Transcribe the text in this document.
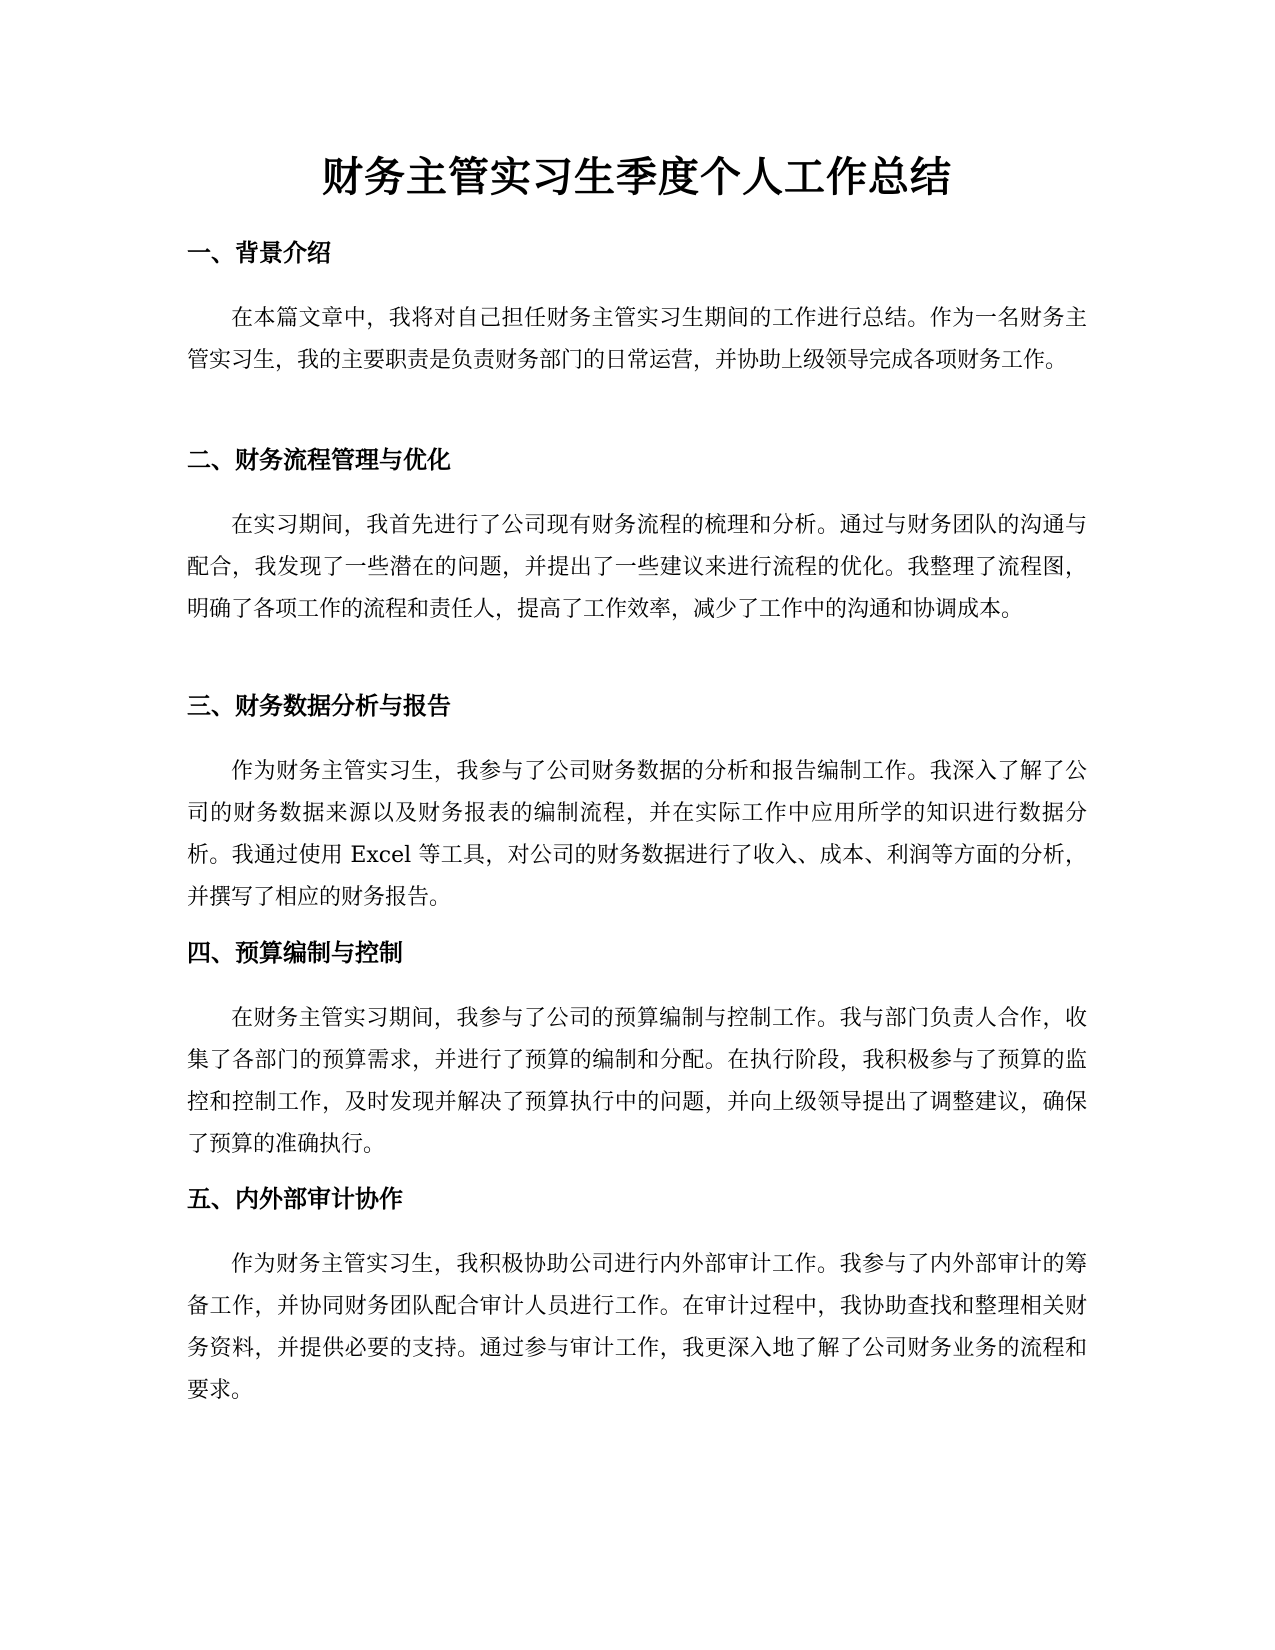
财务主管实习生季度个人工作总结
一、背景介绍

在本篇文章中，我将对自己担任财务主管实习生期间的工作进行总结。作为一名财务主管实习生，我的主要职责是负责财务部门的日常运营，并协助上级领导完成各项财务工作。

二、财务流程管理与优化

在实习期间，我首先进行了公司现有财务流程的梳理和分析。通过与财务团队的沟通与配合，我发现了一些潜在的问题，并提出了一些建议来进行流程的优化。我整理了流程图，明确了各项工作的流程和责任人，提高了工作效率，减少了工作中的沟通和协调成本。

三、财务数据分析与报告

作为财务主管实习生，我参与了公司财务数据的分析和报告编制工作。我深入了解了公司的财务数据来源以及财务报表的编制流程，并在实际工作中应用所学的知识进行数据分析。我通过使用 Excel 等工具，对公司的财务数据进行了收入、成本、利润等方面的分析，并撰写了相应的财务报告。

四、预算编制与控制

在财务主管实习期间，我参与了公司的预算编制与控制工作。我与部门负责人合作，收集了各部门的预算需求，并进行了预算的编制和分配。在执行阶段，我积极参与了预算的监控和控制工作，及时发现并解决了预算执行中的问题，并向上级领导提出了调整建议，确保了预算的准确执行。

五、内外部审计协作

作为财务主管实习生，我积极协助公司进行内外部审计工作。我参与了内外部审计的筹备工作，并协同财务团队配合审计人员进行工作。在审计过程中，我协助查找和整理相关财务资料，并提供必要的支持。通过参与审计工作，我更深入地了解了公司财务业务的流程和要求。
